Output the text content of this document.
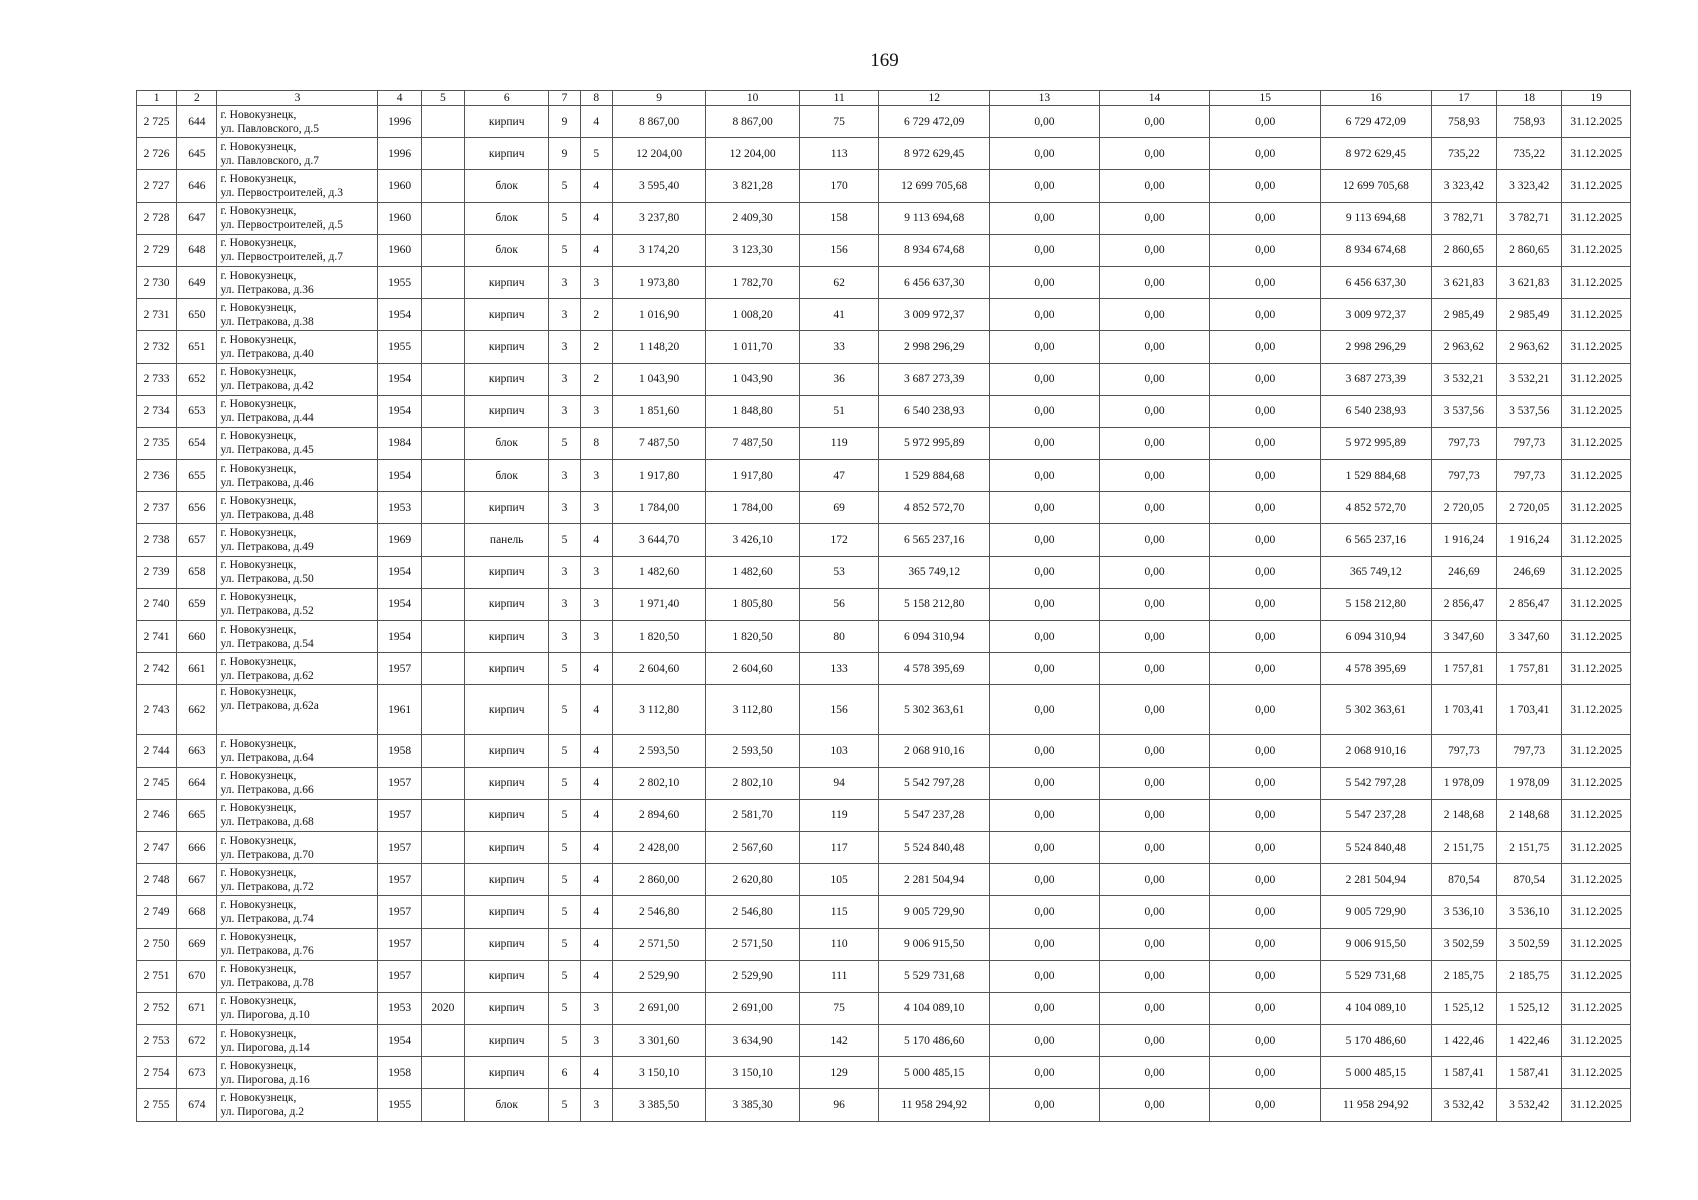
169
1	2	3	4	5	6	7	8	9	10	11	12	13	14	15	16	17	18	19
2 725	644	г. Новокузнецк,
ул. Павловского, д.5	1996		кирпич	9	4	8 867,00	8 867,00	75	6 729 472,09	0,00	0,00	0,00	6 729 472,09	758,93	758,93	31.12.2025
2 726	645	г. Новокузнецк,
ул. Павловского, д.7	1996		кирпич	9	5	12 204,00	12 204,00	113	8 972 629,45	0,00	0,00	0,00	8 972 629,45	735,22	735,22	31.12.2025
2 727	646	г. Новокузнецк,
ул. Первостроителей, д.3	1960		блок	5	4	3 595,40	3 821,28	170	12 699 705,68	0,00	0,00	0,00	12 699 705,68	3 323,42	3 323,42	31.12.2025
2 728	647	г. Новокузнецк,
ул. Первостроителей, д.5	1960		блок	5	4	3 237,80	2 409,30	158	9 113 694,68	0,00	0,00	0,00	9 113 694,68	3 782,71	3 782,71	31.12.2025
2 729	648	г. Новокузнецк,
ул. Первостроителей, д.7	1960		блок	5	4	3 174,20	3 123,30	156	8 934 674,68	0,00	0,00	0,00	8 934 674,68	2 860,65	2 860,65	31.12.2025
2 730	649	г. Новокузнецк,
ул. Петракова, д.36	1955		кирпич	3	3	1 973,80	1 782,70	62	6 456 637,30	0,00	0,00	0,00	6 456 637,30	3 621,83	3 621,83	31.12.2025
2 731	650	г. Новокузнецк,
ул. Петракова, д.38	1954		кирпич	3	2	1 016,90	1 008,20	41	3 009 972,37	0,00	0,00	0,00	3 009 972,37	2 985,49	2 985,49	31.12.2025
2 732	651	г. Новокузнецк,
ул. Петракова, д.40	1955		кирпич	3	2	1 148,20	1 011,70	33	2 998 296,29	0,00	0,00	0,00	2 998 296,29	2 963,62	2 963,62	31.12.2025
2 733	652	г. Новокузнецк,
ул. Петракова, д.42	1954		кирпич	3	2	1 043,90	1 043,90	36	3 687 273,39	0,00	0,00	0,00	3 687 273,39	3 532,21	3 532,21	31.12.2025
2 734	653	г. Новокузнецк,
ул. Петракова, д.44	1954		кирпич	3	3	1 851,60	1 848,80	51	6 540 238,93	0,00	0,00	0,00	6 540 238,93	3 537,56	3 537,56	31.12.2025
2 735	654	г. Новокузнецк,
ул. Петракова, д.45	1984		блок	5	8	7 487,50	7 487,50	119	5 972 995,89	0,00	0,00	0,00	5 972 995,89	797,73	797,73	31.12.2025
2 736	655	г. Новокузнецк,
ул. Петракова, д.46	1954		блок	3	3	1 917,80	1 917,80	47	1 529 884,68	0,00	0,00	0,00	1 529 884,68	797,73	797,73	31.12.2025
2 737	656	г. Новокузнецк,
ул. Петракова, д.48	1953		кирпич	3	3	1 784,00	1 784,00	69	4 852 572,70	0,00	0,00	0,00	4 852 572,70	2 720,05	2 720,05	31.12.2025
2 738	657	г. Новокузнецк,
ул. Петракова, д.49	1969		панель	5	4	3 644,70	3 426,10	172	6 565 237,16	0,00	0,00	0,00	6 565 237,16	1 916,24	1 916,24	31.12.2025
2 739	658	г. Новокузнецк,
ул. Петракова, д.50	1954		кирпич	3	3	1 482,60	1 482,60	53	365 749,12	0,00	0,00	0,00	365 749,12	246,69	246,69	31.12.2025
2 740	659	г. Новокузнецк,
ул. Петракова, д.52	1954		кирпич	3	3	1 971,40	1 805,80	56	5 158 212,80	0,00	0,00	0,00	5 158 212,80	2 856,47	2 856,47	31.12.2025
2 741	660	г. Новокузнецк,
ул. Петракова, д.54	1954		кирпич	3	3	1 820,50	1 820,50	80	6 094 310,94	0,00	0,00	0,00	6 094 310,94	3 347,60	3 347,60	31.12.2025
2 742	661	г. Новокузнецк,
ул. Петракова, д.62	1957		кирпич	5	4	2 604,60	2 604,60	133	4 578 395,69	0,00	0,00	0,00	4 578 395,69	1 757,81	1 757,81	31.12.2025
2 743	662	г. Новокузнецк,
ул. Петракова, д.62а	1961		кирпич	5	4	3 112,80	3 112,80	156	5 302 363,61	0,00	0,00	0,00	5 302 363,61	1 703,41	1 703,41	31.12.2025
2 744	663	г. Новокузнецк,
ул. Петракова, д.64	1958		кирпич	5	4	2 593,50	2 593,50	103	2 068 910,16	0,00	0,00	0,00	2 068 910,16	797,73	797,73	31.12.2025
2 745	664	г. Новокузнецк,
ул. Петракова, д.66	1957		кирпич	5	4	2 802,10	2 802,10	94	5 542 797,28	0,00	0,00	0,00	5 542 797,28	1 978,09	1 978,09	31.12.2025
2 746	665	г. Новокузнецк,
ул. Петракова, д.68	1957		кирпич	5	4	2 894,60	2 581,70	119	5 547 237,28	0,00	0,00	0,00	5 547 237,28	2 148,68	2 148,68	31.12.2025
2 747	666	г. Новокузнецк,
ул. Петракова, д.70	1957		кирпич	5	4	2 428,00	2 567,60	117	5 524 840,48	0,00	0,00	0,00	5 524 840,48	2 151,75	2 151,75	31.12.2025
2 748	667	г. Новокузнецк,
ул. Петракова, д.72	1957		кирпич	5	4	2 860,00	2 620,80	105	2 281 504,94	0,00	0,00	0,00	2 281 504,94	870,54	870,54	31.12.2025
2 749	668	г. Новокузнецк,
ул. Петракова, д.74	1957		кирпич	5	4	2 546,80	2 546,80	115	9 005 729,90	0,00	0,00	0,00	9 005 729,90	3 536,10	3 536,10	31.12.2025
2 750	669	г. Новокузнецк,
ул. Петракова, д.76	1957		кирпич	5	4	2 571,50	2 571,50	110	9 006 915,50	0,00	0,00	0,00	9 006 915,50	3 502,59	3 502,59	31.12.2025
2 751	670	г. Новокузнецк,
ул. Петракова, д.78	1957		кирпич	5	4	2 529,90	2 529,90	111	5 529 731,68	0,00	0,00	0,00	5 529 731,68	2 185,75	2 185,75	31.12.2025
2 752	671	г. Новокузнецк,
ул. Пирогова, д.10	1953	2020	кирпич	5	3	2 691,00	2 691,00	75	4 104 089,10	0,00	0,00	0,00	4 104 089,10	1 525,12	1 525,12	31.12.2025
2 753	672	г. Новокузнецк,
ул. Пирогова, д.14	1954		кирпич	5	3	3 301,60	3 634,90	142	5 170 486,60	0,00	0,00	0,00	5 170 486,60	1 422,46	1 422,46	31.12.2025
2 754	673	г. Новокузнецк,
ул. Пирогова, д.16	1958		кирпич	6	4	3 150,10	3 150,10	129	5 000 485,15	0,00	0,00	0,00	5 000 485,15	1 587,41	1 587,41	31.12.2025
2 755	674	г. Новокузнецк,
ул. Пирогова, д.2	1955		блок	5	3	3 385,50	3 385,30	96	11 958 294,92	0,00	0,00	0,00	11 958 294,92	3 532,42	3 532,42	31.12.2025
